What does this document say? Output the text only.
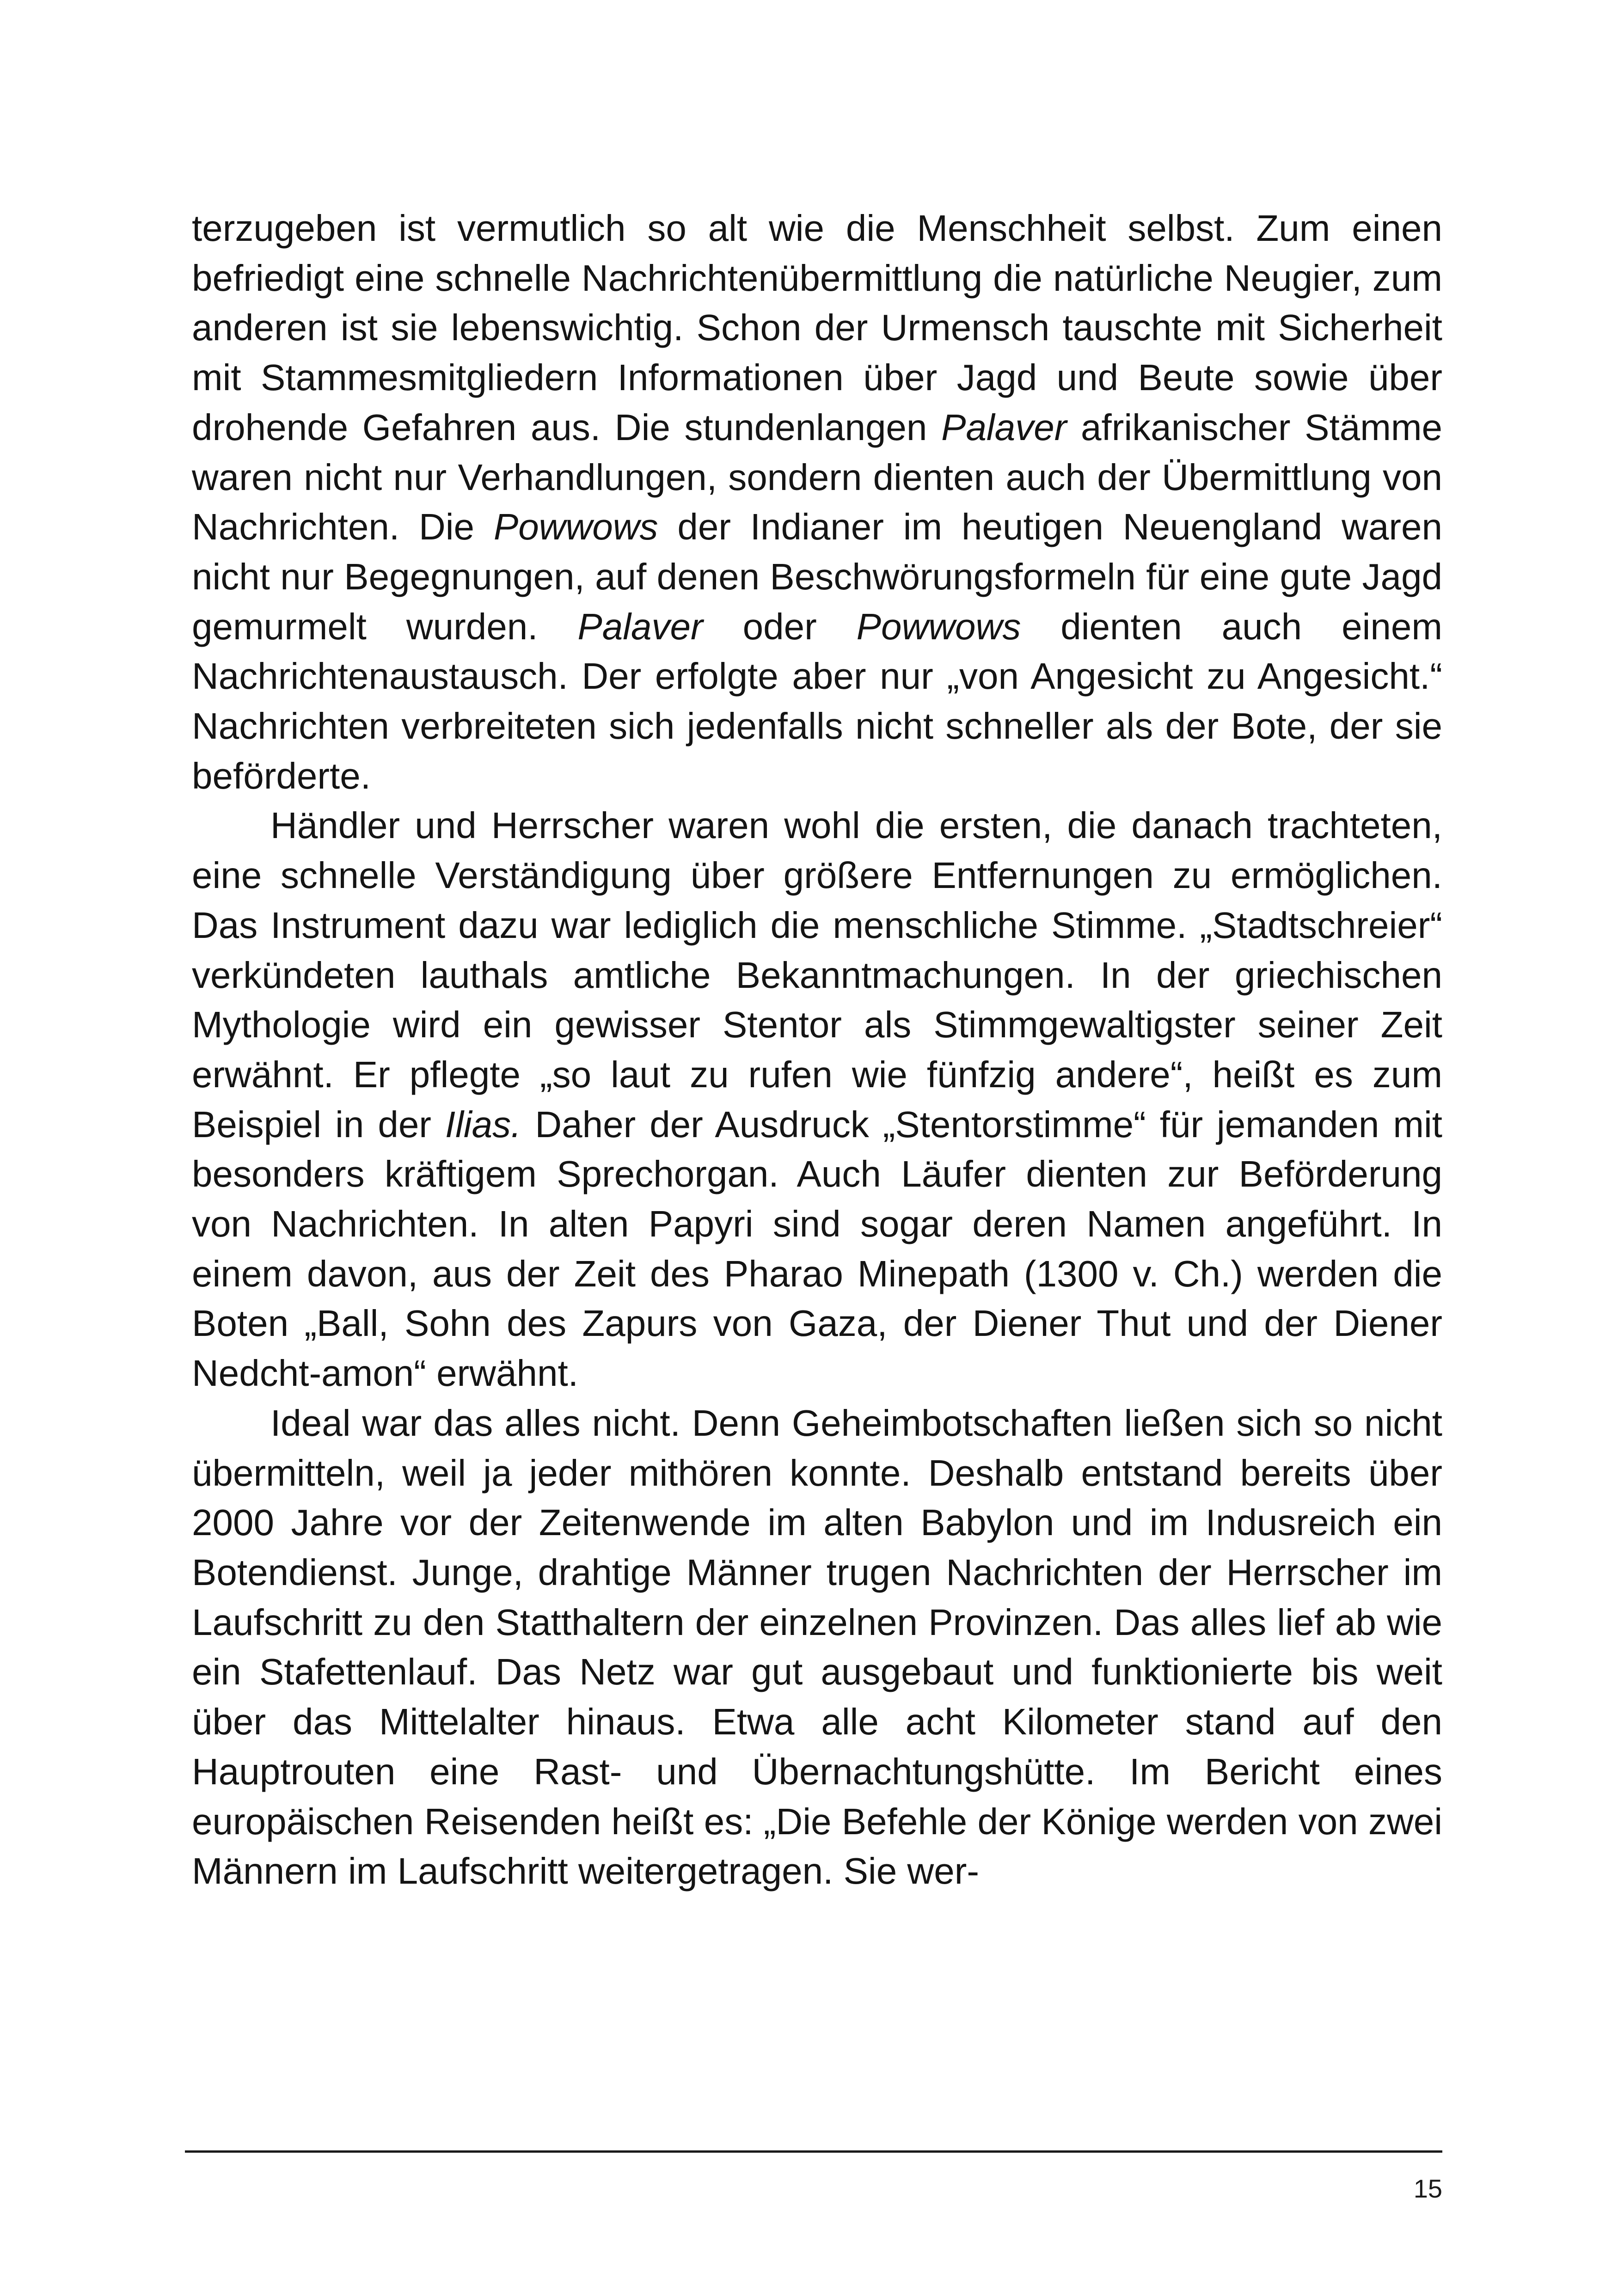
terzugeben ist vermutlich so alt wie die Menschheit selbst. Zum einen befriedigt eine schnelle Nachrichtenübermittlung die natürliche Neugier, zum anderen ist sie lebenswichtig. Schon der Urmensch tauschte mit Sicherheit mit Stammesmitgliedern Informationen über Jagd und Beute sowie über drohende Gefahren aus. Die stundenlangen Palaver afrikanischer Stämme waren nicht nur Verhandlungen, sondern dienten auch der Übermittlung von Nachrichten. Die Powwows der Indianer im heutigen Neuengland waren nicht nur Begegnungen, auf denen Beschwörungsformeln für eine gute Jagd gemurmelt wurden. Palaver oder Powwows dienten auch einem Nachrichtenaustausch. Der erfolgte aber nur „von Angesicht zu Angesicht.“ Nachrichten verbreiteten sich jedenfalls nicht schneller als der Bote, der sie beförderte.

Händler und Herrscher waren wohl die ersten, die danach trachteten, eine schnelle Verständigung über größere Entfernungen zu ermöglichen. Das Instrument dazu war lediglich die menschliche Stimme. „Stadtschreier“ verkündeten lauthals amtliche Bekanntmachungen. In der griechischen Mythologie wird ein gewisser Stentor als Stimmgewaltigster seiner Zeit erwähnt. Er pflegte „so laut zu rufen wie fünfzig andere“, heißt es zum Beispiel in der Ilias. Daher der Ausdruck „Stentorstimme“ für jemanden mit besonders kräftigem Sprechorgan. Auch Läufer dienten zur Beförderung von Nachrichten. In alten Papyri sind sogar deren Namen angeführt. In einem davon, aus der Zeit des Pharao Minepath (1300 v. Ch.) werden die Boten „Ball, Sohn des Zapurs von Gaza, der Diener Thut und der Diener Nedcht-amon“ erwähnt.

Ideal war das alles nicht. Denn Geheimbotschaften ließen sich so nicht übermitteln, weil ja jeder mithören konnte. Deshalb entstand bereits über 2000 Jahre vor der Zeitenwende im alten Babylon und im Indusreich ein Botendienst. Junge, drahtige Männer trugen Nachrichten der Herrscher im Laufschritt zu den Statthaltern der einzelnen Provinzen. Das alles lief ab wie ein Stafettenlauf. Das Netz war gut ausgebaut und funktionierte bis weit über das Mittelalter hinaus. Etwa alle acht Kilometer stand auf den Hauptrouten eine Rast- und Übernachtungshütte. Im Bericht eines europäischen Reisenden heißt es: „Die Befehle der Könige werden von zwei Männern im Laufschritt weitergetragen. Sie wer-

15
